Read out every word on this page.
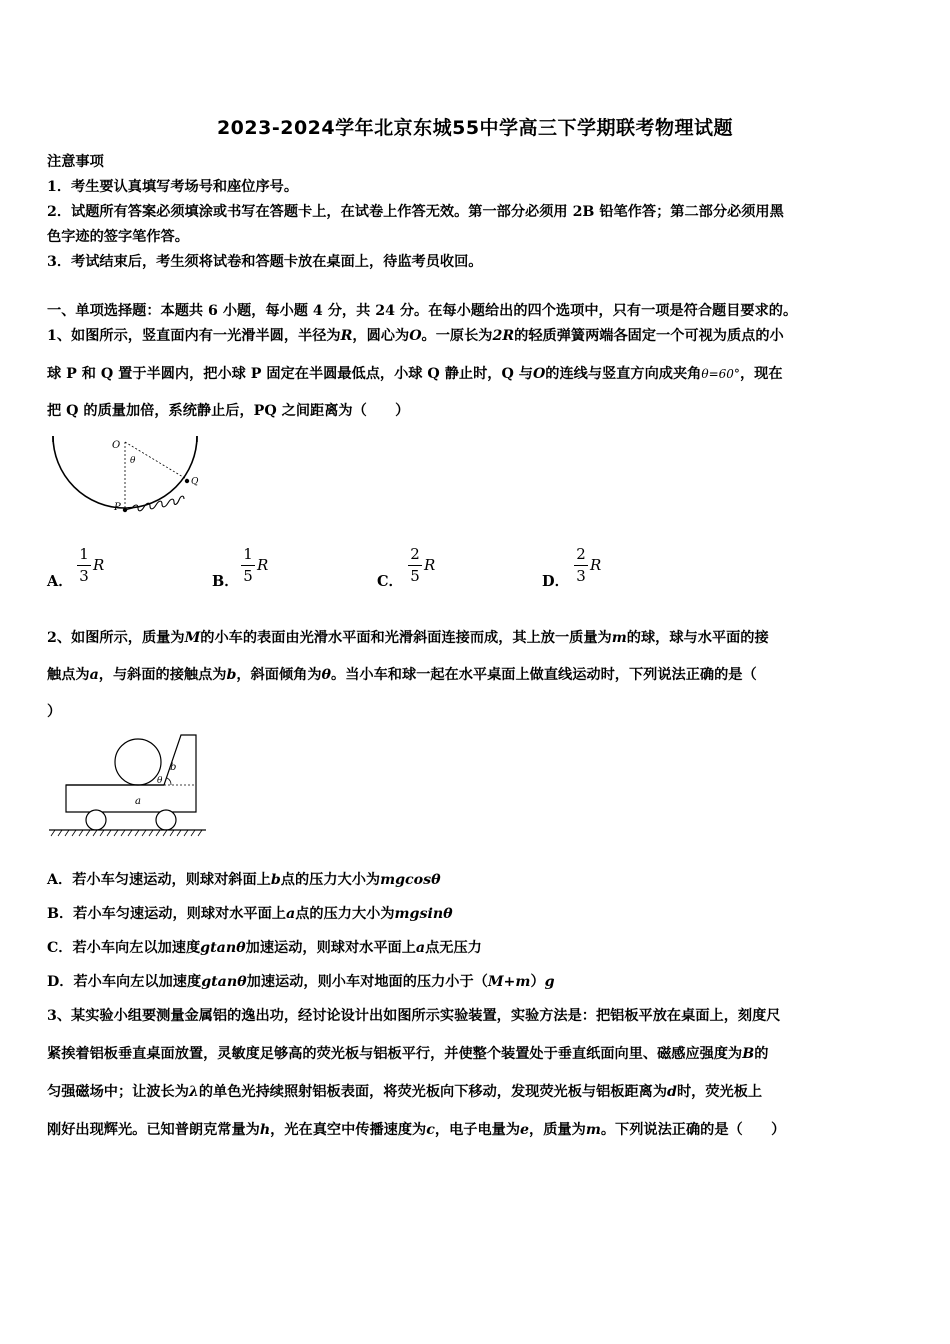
2023-2024学年北京东城55中学高三下学期联考物理试题
注意事项
1．考生要认真填写考场号和座位序号。
2．试题所有答案必须填涂或书写在答题卡上，在试卷上作答无效。第一部分必须用 2B 铅笔作答；第二部分必须用黑
色字迹的签字笔作答。
3．考试结束后，考生须将试卷和答题卡放在桌面上，待监考员收回。
一、单项选择题：本题共 6 小题，每小题 4 分，共 24 分。在每小题给出的四个选项中，只有一项是符合题目要求的。
1、如图所示，竖直面内有一光滑半圆，半径为R，圆心为O。一原长为2R的轻质弹簧两端各固定一个可视为质点的小
球 P 和 Q 置于半圆内，把小球 P 固定在半圆最低点，小球 Q 静止时，Q 与O的连线与竖直方向成夹角θ=60°，现在
把 Q 的质量加倍，系统静止后，PQ 之间距离为（　　）
O
θ
Q
P
A．
1
3
R
B．
1
5
R
C．
2
5
R
D．
2
3
R
2、如图所示，质量为M的小车的表面由光滑水平面和光滑斜面连接而成，其上放一质量为m的球，球与水平面的接
触点为a，与斜面的接触点为b，斜面倾角为θ。当小车和球一起在水平桌面上做直线运动时，下列说法正确的是（
）
b
θ
a
A．若小车匀速运动，则球对斜面上b点的压力大小为mgcosθ
B．若小车匀速运动，则球对水平面上a点的压力大小为mgsinθ
C．若小车向左以加速度gtanθ加速运动，则球对水平面上a点无压力
D．若小车向左以加速度gtanθ加速运动，则小车对地面的压力小于（M+m）g
3、某实验小组要测量金属铝的逸出功，经讨论设计出如图所示实验装置，实验方法是：把铝板平放在桌面上，刻度尺
紧挨着铝板垂直桌面放置，灵敏度足够高的荧光板与铝板平行，并使整个装置处于垂直纸面向里、磁感应强度为B的
匀强磁场中；让波长为λ的单色光持续照射铝板表面，将荧光板向下移动，发现荧光板与铝板距离为d时，荧光板上
刚好出现辉光。已知普朗克常量为h，光在真空中传播速度为c，电子电量为e，质量为m。下列说法正确的是（　　）
